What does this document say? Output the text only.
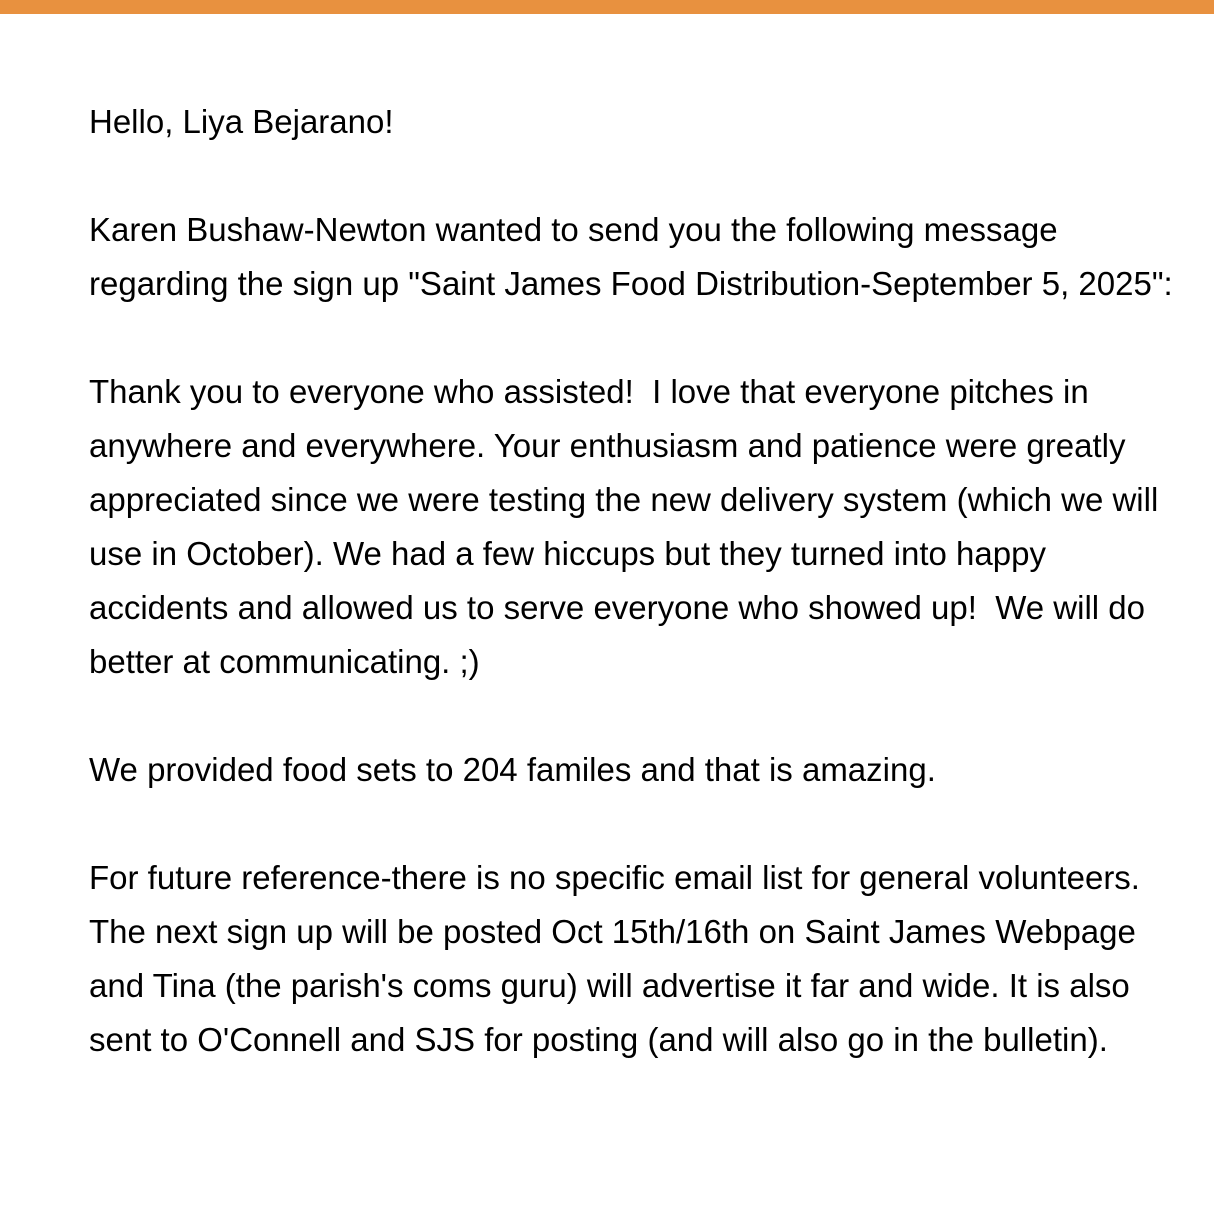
Hello, Liya Bejarano!

Karen Bushaw-Newton wanted to send you the following message regarding the sign up "Saint James Food Distribution-September 5, 2025":

Thank you to everyone who assisted!  I love that everyone pitches in anywhere and everywhere. Your enthusiasm and patience were greatly appreciated since we were testing the new delivery system (which we will use in October). We had a few hiccups but they turned into happy accidents and allowed us to serve everyone who showed up!  We will do better at communicating. ;)

We provided food sets to 204 familes and that is amazing.

For future reference-there is no specific email list for general volunteers. The next sign up will be posted Oct 15th/16th on Saint James Webpage and Tina (the parish's coms guru) will advertise it far and wide. It is also sent to O'Connell and SJS for posting (and will also go in the bulletin).
